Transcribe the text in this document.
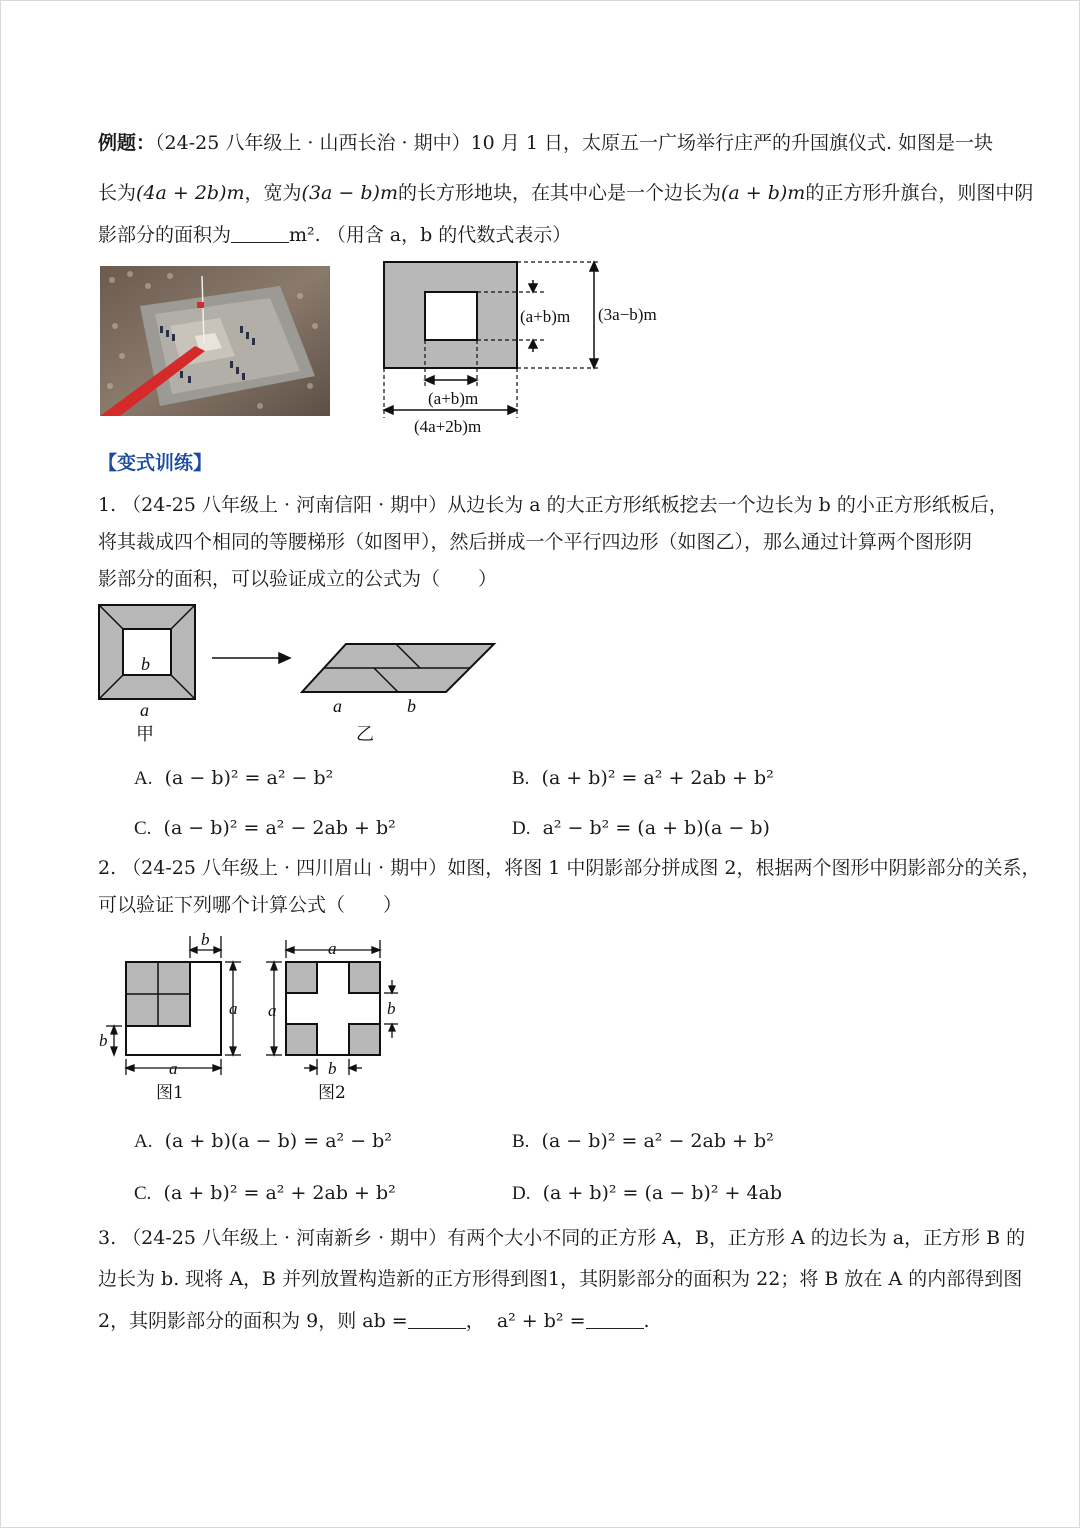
例题：（24-25 八年级上 · 山西长治 · 期中）10 月 1 日，太原五一广场举行庄严的升国旗仪式. 如图是一块
长为(4a + 2b)m，宽为(3a − b)m的长方形地块，在其中心是一个边长为(a + b)m的正方形升旗台，则图中阴
影部分的面积为	m². （用含 a，b 的代数式表示）
(a+b)m (3a−b)m
(a+b)m
(4a+2b)m
【变式训练】
1. （24-25 八年级上 · 河南信阳 · 期中）从边长为 a 的大正方形纸板挖去一个边长为 b 的小正方形纸板后，
将其裁成四个相同的等腰梯形（如图甲），然后拼成一个平行四边形（如图乙），那么通过计算两个图形阴
影部分的面积，可以验证成立的公式为（　　）
b
a
甲
a	b
乙
A. (a − b)² = a² − b²	B. (a + b)² = a² + 2ab + b²
C. (a − b)² = a² − 2ab + b²	D. a² − b² = (a + b)(a − b)
2. （24-25 八年级上 · 四川眉山 · 期中）如图，将图 1 中阴影部分拼成图 2，根据两个图形中阴影部分的关系，
可以验证下列哪个计算公式（　　）
b
a
b
a
图1
a
a	b
b
图2
A. (a + b)(a − b) = a² − b²	B. (a − b)² = a² − 2ab + b²
C. (a + b)² = a² + 2ab + b²	D. (a + b)² = (a − b)² + 4ab
3. （24-25 八年级上 · 河南新乡 · 期中）有两个大小不同的正方形 A，B，正方形 A 的边长为 a，正方形 B 的
边长为 b. 现将 A，B 并列放置构造新的正方形得到图1，其阴影部分的面积为 22；将 B 放在 A 的内部得到图
2，其阴影部分的面积为 9，则 ab =	， a² + b² =	.
